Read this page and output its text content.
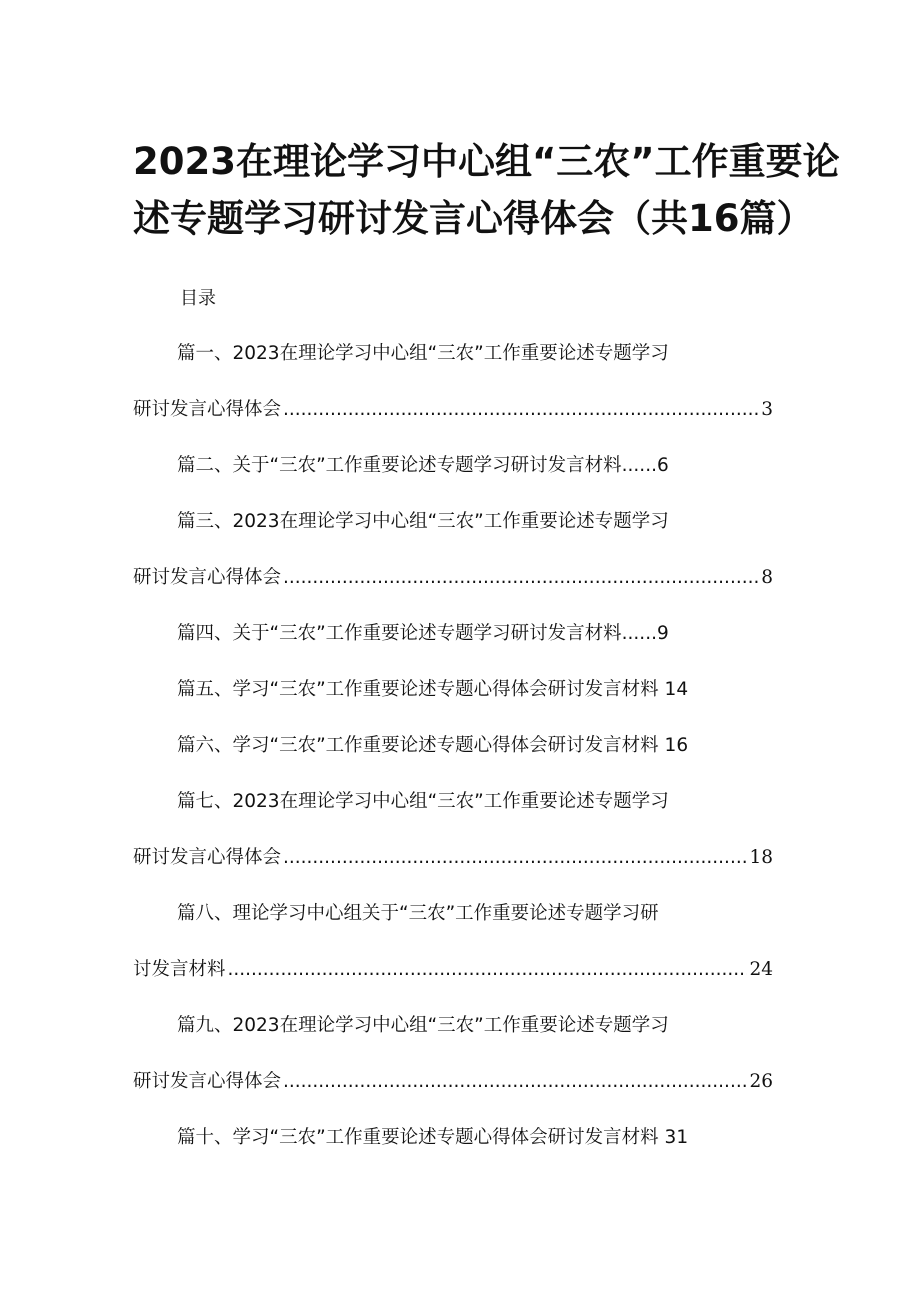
2023在理论学习中心组“三农”工作重要论
述专题学习研讨发言心得体会（共16篇）
目录
篇一、2023在理论学习中心组“三农”工作重要论述专题学习
研讨发言心得体会 .....	3
篇二、关于“三农”工作重要论述专题学习研讨发言材料......6
篇三、2023在理论学习中心组“三农”工作重要论述专题学习
研讨发言心得体会 .....	8
篇四、关于“三农”工作重要论述专题学习研讨发言材料......9
篇五、学习“三农”工作重要论述专题心得体会研讨发言材料 14
篇六、学习“三农”工作重要论述专题心得体会研讨发言材料 16
篇七、2023在理论学习中心组“三农”工作重要论述专题学习
研讨发言心得体会 .....	18
篇八、理论学习中心组关于“三农”工作重要论述专题学习研
讨发言材料 .....	24
篇九、2023在理论学习中心组“三农”工作重要论述专题学习
研讨发言心得体会 .....	26
篇十、学习“三农”工作重要论述专题心得体会研讨发言材料 31
